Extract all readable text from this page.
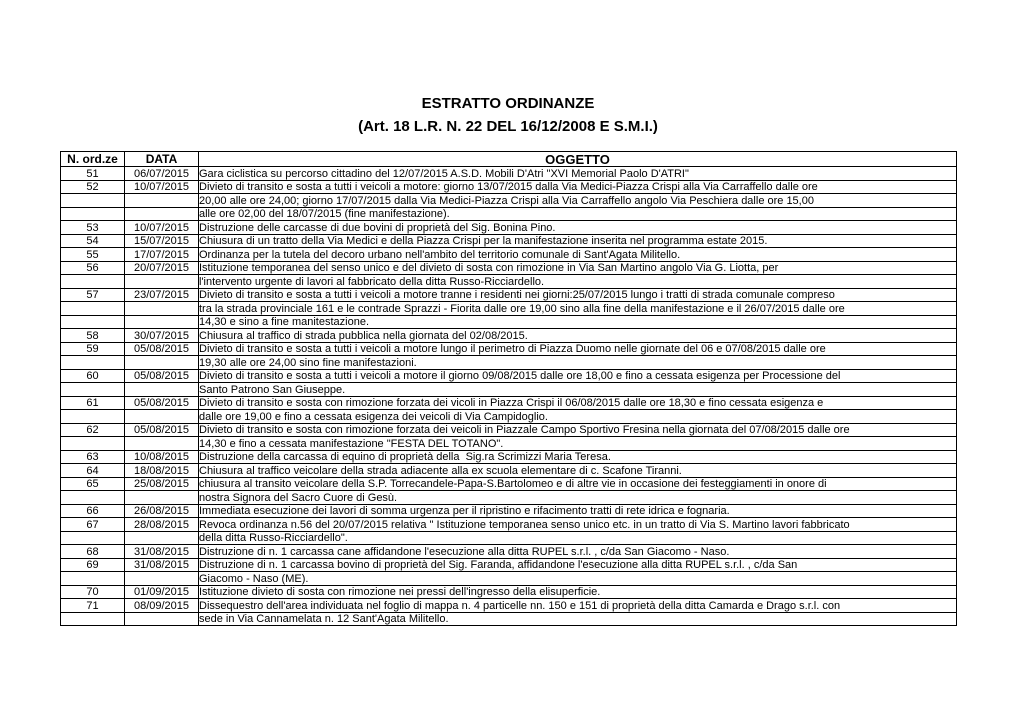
ESTRATTO ORDINANZE
(Art. 18 L.R. N. 22 DEL 16/12/2008 E S.M.I.)
N. ord.ze	DATA	OGGETTO
51	06/07/2015	Gara ciclistica su percorso cittadino del 12/07/2015 A.S.D. Mobili D'Atri "XVI Memorial Paolo D'ATRI"
52	10/07/2015	Divieto di transito e sosta a tutti i veicoli a motore: giorno 13/07/2015 dalla Via Medici-Piazza Crispi alla Via Carraffello dalle ore
		20,00 alle ore 24,00; giorno 17/07/2015 dalla Via Medici-Piazza Crispi alla Via Carraffello angolo Via Peschiera dalle ore 15,00
		alle ore 02,00 del 18/07/2015 (fine manifestazione).
53	10/07/2015	Distruzione delle carcasse di due bovini di proprietà del Sig. Bonina Pino.
54	15/07/2015	Chiusura di un tratto della Via Medici e della Piazza Crispi per la manifestazione inserita nel programma estate 2015.
55	17/07/2015	Ordinanza per la tutela del decoro urbano nell'ambito del territorio comunale di Sant'Agata Militello.
56	20/07/2015	Istituzione temporanea del senso unico e del divieto di sosta con rimozione in Via San Martino angolo Via G. Liotta, per
		l'intervento urgente di lavori al fabbricato della ditta Russo-Ricciardello.
57	23/07/2015	Divieto di transito e sosta a tutti i veicoli a motore tranne i residenti nei giorni:25/07/2015 lungo i tratti di strada comunale compreso
		tra la strada provinciale 161 e le contrade Sprazzi - Fiorita dalle ore 19,00 sino alla fine della manifestazione e il 26/07/2015 dalle ore
		14,30 e sino a fine manitestazione.
58	30/07/2015	Chiusura al traffico di strada pubblica nella giornata del 02/08/2015.
59	05/08/2015	Divieto di transito e sosta a tutti i veicoli a motore lungo il perimetro di Piazza Duomo nelle giornate del 06 e 07/08/2015 dalle ore
		19,30 alle ore 24,00 sino fine manifestazioni.
60	05/08/2015	Divieto di transito e sosta a tutti i veicoli a motore il giorno 09/08/2015 dalle ore 18,00 e fino a cessata esigenza per Processione del
		Santo Patrono San Giuseppe.
61	05/08/2015	Divieto di transito e sosta con rimozione forzata dei vicoli in Piazza Crispi il 06/08/2015 dalle ore 18,30 e fino cessata esigenza e
		dalle ore 19,00 e fino a cessata esigenza dei veicoli di Via Campidoglio.
62	05/08/2015	Divieto di transito e sosta con rimozione forzata dei veicoli in Piazzale Campo Sportivo Fresina nella giornata del 07/08/2015 dalle ore
		14,30 e fino a cessata manifestazione "FESTA DEL TOTANO".
63	10/08/2015	Distruzione della carcassa di equino di proprietà della  Sig.ra Scrimizzi Maria Teresa.
64	18/08/2015	Chiusura al traffico veicolare della strada adiacente alla ex scuola elementare di c. Scafone Tiranni.
65	25/08/2015	chiusura al transito veicolare della S.P. Torrecandele-Papa-S.Bartolomeo e di altre vie in occasione dei festeggiamenti in onore di
		nostra Signora del Sacro Cuore di Gesù.
66	26/08/2015	Immediata esecuzione dei lavori di somma urgenza per il ripristino e rifacimento tratti di rete idrica e fognaria.
67	28/08/2015	Revoca ordinanza n.56 del 20/07/2015 relativa " Istituzione temporanea senso unico etc. in un tratto di Via S. Martino lavori fabbricato
		della ditta Russo-Ricciardello".
68	31/08/2015	Distruzione di n. 1 carcassa cane affidandone l'esecuzione alla ditta RUPEL s.r.l. , c/da San Giacomo - Naso.
69	31/08/2015	Distruzione di n. 1 carcassa bovino di proprietà del Sig. Faranda, affidandone l'esecuzione alla ditta RUPEL s.r.l. , c/da San
		Giacomo - Naso (ME).
70	01/09/2015	Istituzione divieto di sosta con rimozione nei pressi dell'ingresso della elisuperficie.
71	08/09/2015	Dissequestro dell'area individuata nel foglio di mappa n. 4 particelle nn. 150 e 151 di proprietà della ditta Camarda e Drago s.r.l. con
		sede in Via Cannamelata n. 12 Sant'Agata Militello.
